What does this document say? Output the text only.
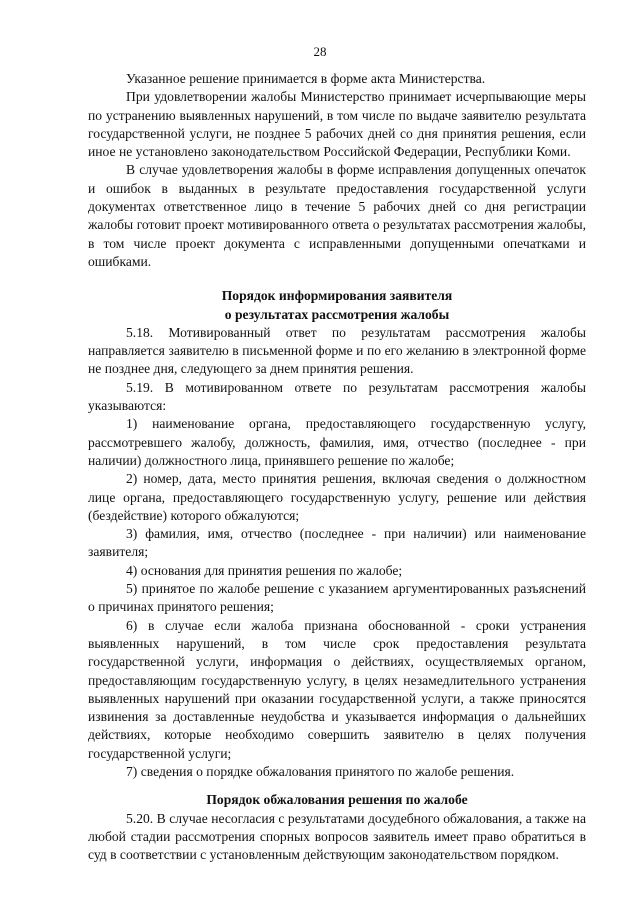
28

Указанное решение принимается в форме акта Министерства.

При удовлетворении жалобы Министерство принимает исчерпывающие меры по устранению выявленных нарушений, в том числе по выдаче заявителю результата государственной услуги, не позднее 5 рабочих дней со дня принятия решения, если иное не установлено законодательством Российской Федерации, Республики Коми.

В случае удовлетворения жалобы в форме исправления допущенных опечаток и ошибок в выданных в результате предоставления государственной услуги документах ответственное лицо в течение 5 рабочих дней со дня регистрации жалобы готовит проект мотивированного ответа о результатах рассмотрения жалобы, в том числе проект документа с исправленными допущенными опечатками и ошибками.

Порядок информирования заявителя
о результатах рассмотрения жалобы

5.18. Мотивированный ответ по результатам рассмотрения жалобы направляется заявителю в письменной форме и по его желанию в электронной форме не позднее дня, следующего за днем принятия решения.

5.19. В мотивированном ответе по результатам рассмотрения жалобы указываются:

1) наименование органа, предоставляющего государственную услугу, рассмотревшего жалобу, должность, фамилия, имя, отчество (последнее - при наличии) должностного лица, принявшего решение по жалобе;

2) номер, дата, место принятия решения, включая сведения о должностном лице органа, предоставляющего государственную услугу, решение или действия (бездействие) которого обжалуются;

3) фамилия, имя, отчество (последнее - при наличии) или наименование заявителя;

4) основания для принятия решения по жалобе;

5) принятое по жалобе решение с указанием аргументированных разъяснений о причинах принятого решения;

6) в случае если жалоба признана обоснованной - сроки устранения выявленных нарушений, в том числе срок предоставления результата государственной услуги, информация о действиях, осуществляемых органом, предоставляющим государственную услугу, в целях незамедлительного устранения выявленных нарушений при оказании государственной услуги, а также приносятся извинения за доставленные неудобства и указывается информация о дальнейших действиях, которые необходимо совершить заявителю в целях получения государственной услуги;

7) сведения о порядке обжалования принятого по жалобе решения.

Порядок обжалования решения по жалобе

5.20. В случае несогласия с результатами досудебного обжалования, а также на любой стадии рассмотрения спорных вопросов заявитель имеет право обратиться в суд в соответствии с установленным действующим законодательством порядком.
